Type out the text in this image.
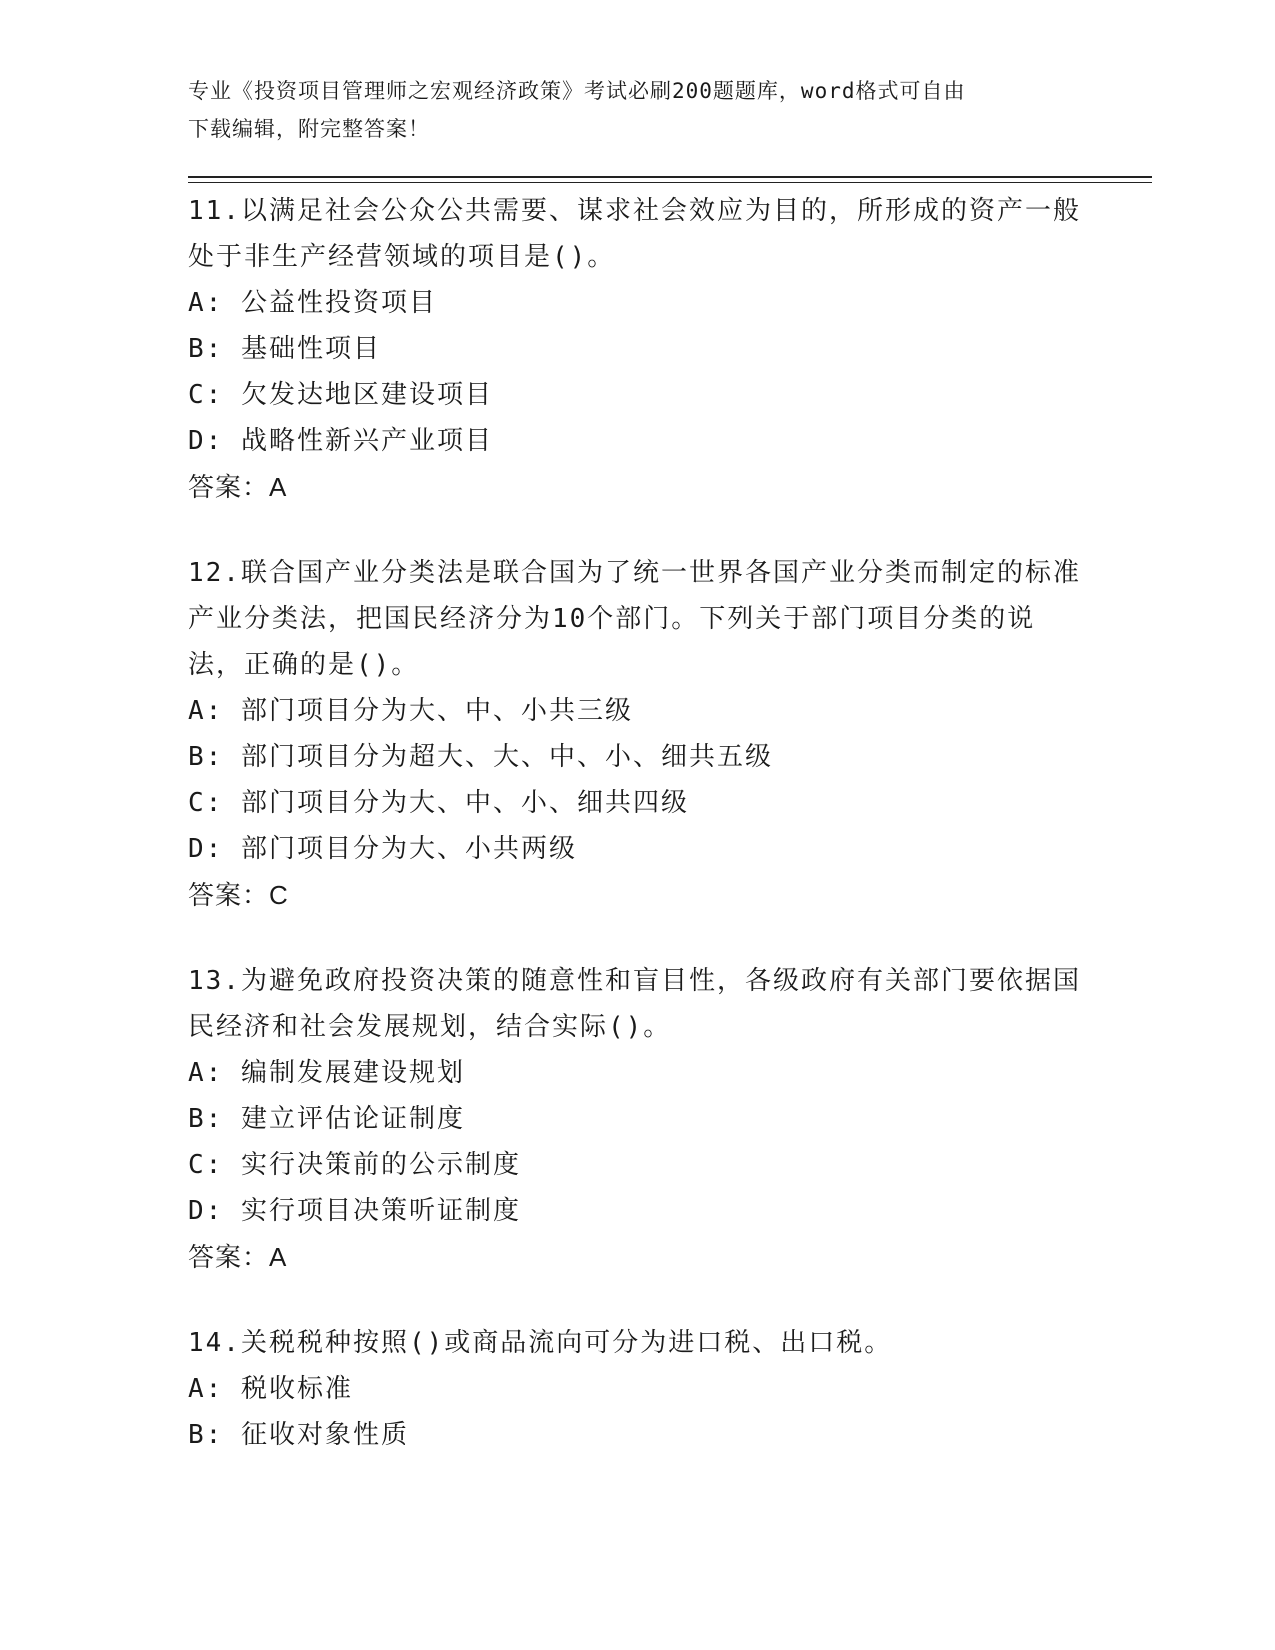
专业《投资项目管理师之宏观经济政策》考试必刷200题题库，word格式可自由
下载编辑，附完整答案！

11.以满足社会公众公共需要、谋求社会效应为目的，所形成的资产一般处于非生产经营领域的项目是()。

A: 公益性投资项目

B: 基础性项目

C: 欠发达地区建设项目

D: 战略性新兴产业项目

答案：A

12.联合国产业分类法是联合国为了统一世界各国产业分类而制定的标准产业分类法，把国民经济分为10个部门。下列关于部门项目分类的说法，正确的是()。

A: 部门项目分为大、中、小共三级

B: 部门项目分为超大、大、中、小、细共五级

C: 部门项目分为大、中、小、细共四级

D: 部门项目分为大、小共两级

答案：C

13.为避免政府投资决策的随意性和盲目性，各级政府有关部门要依据国民经济和社会发展规划，结合实际()。

A: 编制发展建设规划

B: 建立评估论证制度

C: 实行决策前的公示制度

D: 实行项目决策听证制度

答案：A

14.关税税种按照()或商品流向可分为进口税、出口税。

A: 税收标准

B: 征收对象性质
